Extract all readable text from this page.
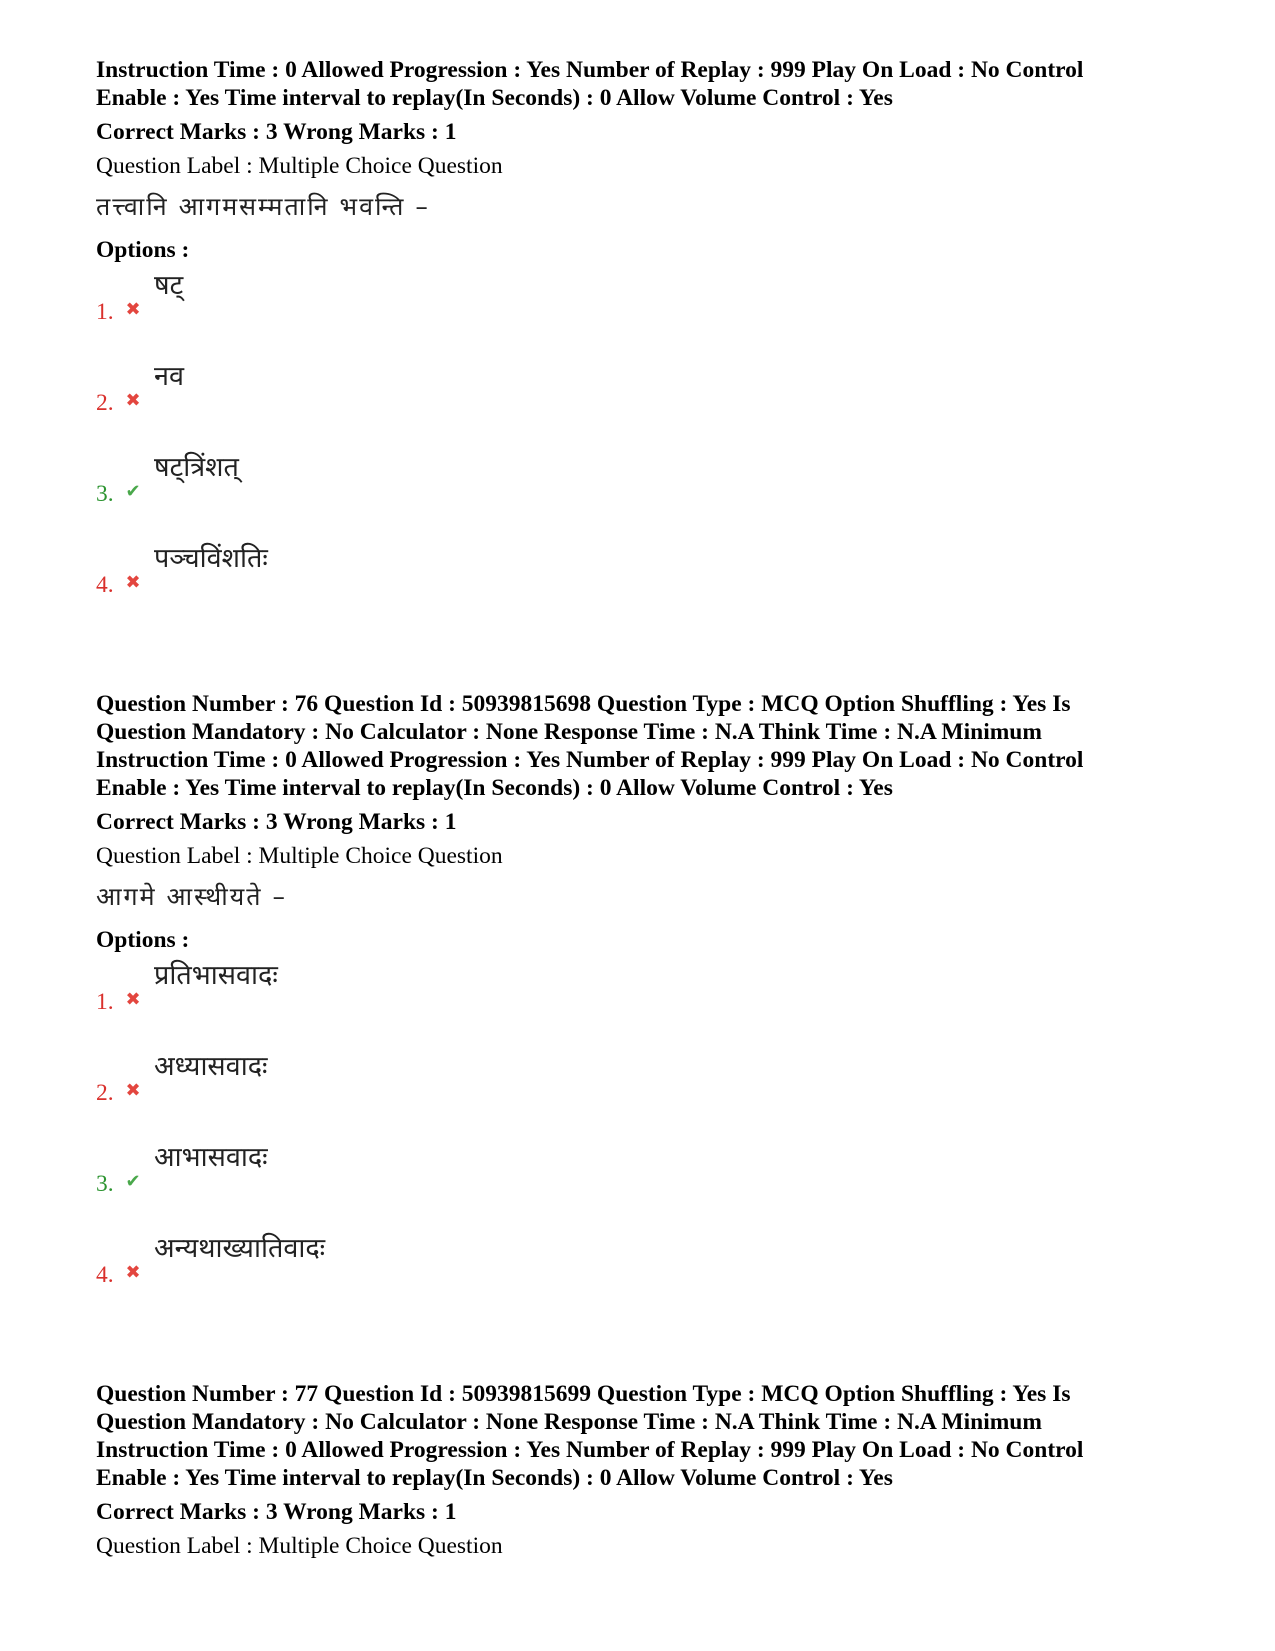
Instruction Time : 0 Allowed Progression : Yes Number of Replay : 999 Play On Load : No Control

Enable : Yes Time interval to replay(In Seconds) : 0 Allow Volume Control : Yes

Correct Marks : 3 Wrong Marks : 1
Question Label : Multiple Choice Question
तत्त्वानि आगमसम्मतानि भवन्ति –
Options :
1. ✖
षट्
2. ✖
नव
3. ✔
षट्त्रिंशत्
4. ✖
पञ्चविंशतिः

Question Number : 76 Question Id : 50939815698 Question Type : MCQ Option Shuffling : Yes Is

Question Mandatory : No Calculator : None Response Time : N.A Think Time : N.A Minimum

Instruction Time : 0 Allowed Progression : Yes Number of Replay : 999 Play On Load : No Control

Enable : Yes Time interval to replay(In Seconds) : 0 Allow Volume Control : Yes

Correct Marks : 3 Wrong Marks : 1
Question Label : Multiple Choice Question
आगमे आस्थीयते –
Options :
1. ✖
प्रतिभासवादः
2. ✖
अध्यासवादः
3. ✔
आभासवादः
4. ✖
अन्यथाख्यातिवादः

Question Number : 77 Question Id : 50939815699 Question Type : MCQ Option Shuffling : Yes Is

Question Mandatory : No Calculator : None Response Time : N.A Think Time : N.A Minimum

Instruction Time : 0 Allowed Progression : Yes Number of Replay : 999 Play On Load : No Control

Enable : Yes Time interval to replay(In Seconds) : 0 Allow Volume Control : Yes

Correct Marks : 3 Wrong Marks : 1
Question Label : Multiple Choice Question
